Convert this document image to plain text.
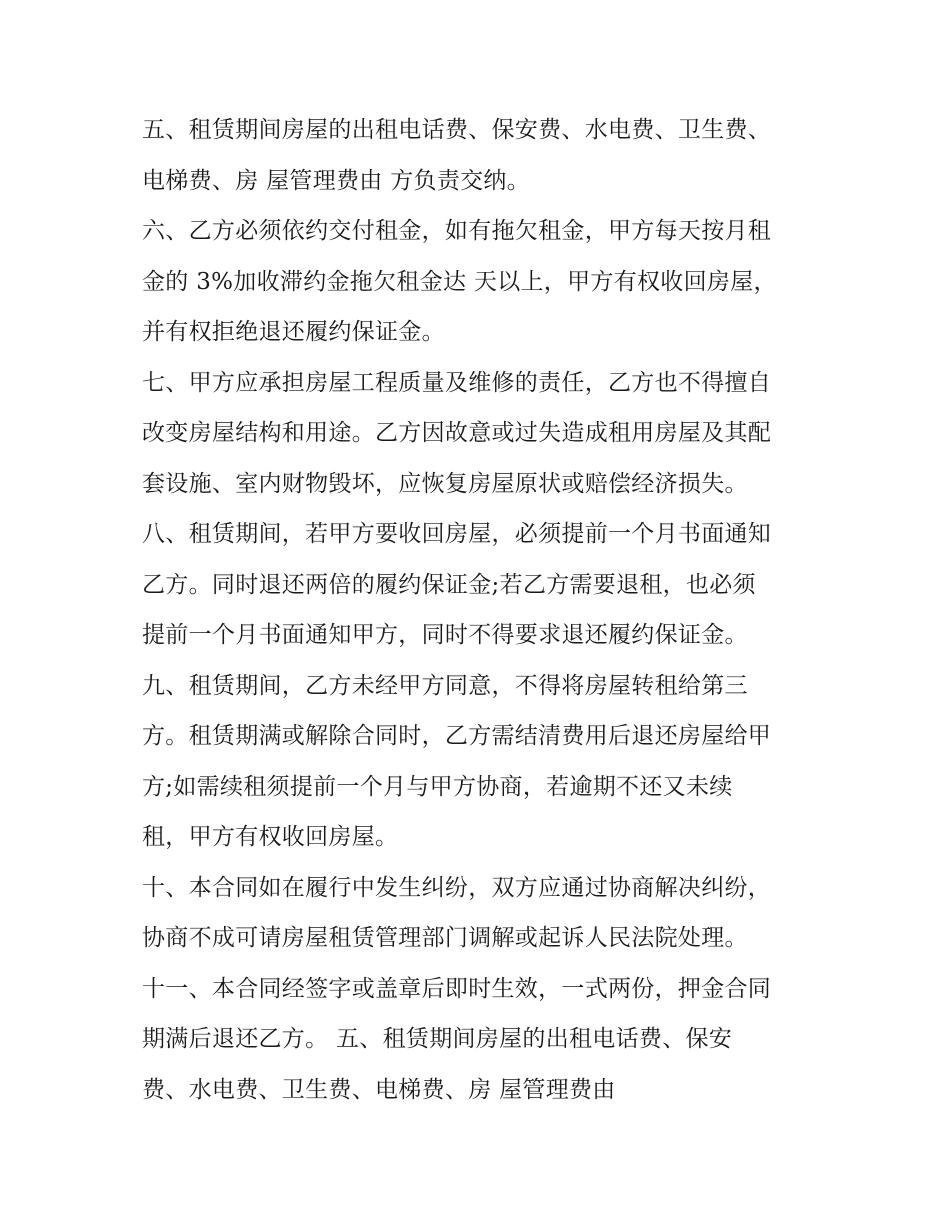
五、租赁期间房屋的出租电话费、保安费、水电费、卫生费、
电梯费、房 屋管理费由 方负责交纳。
六、乙方必须依约交付租金，如有拖欠租金，甲方每天按月租
金的 3%加收滞约金拖欠租金达 天以上，甲方有权收回房屋，
并有权拒绝退还履约保证金。
七、甲方应承担房屋工程质量及维修的责任，乙方也不得擅自
改变房屋结构和用途。乙方因故意或过失造成租用房屋及其配
套设施、室内财物毁坏，应恢复房屋原状或赔偿经济损失。
八、租赁期间，若甲方要收回房屋，必须提前一个月书面通知
乙方。同时退还两倍的履约保证金;若乙方需要退租，也必须
提前一个月书面通知甲方，同时不得要求退还履约保证金。
九、租赁期间，乙方未经甲方同意，不得将房屋转租给第三
方。租赁期满或解除合同时，乙方需结清费用后退还房屋给甲
方;如需续租须提前一个月与甲方协商，若逾期不还又未续
租，甲方有权收回房屋。
十、本合同如在履行中发生纠纷，双方应通过协商解决纠纷，
协商不成可请房屋租赁管理部门调解或起诉人民法院处理。
十一、本合同经签字或盖章后即时生效，一式两份，押金合同
期满后退还乙方。 五、租赁期间房屋的出租电话费、保安
费、水电费、卫生费、电梯费、房 屋管理费由
